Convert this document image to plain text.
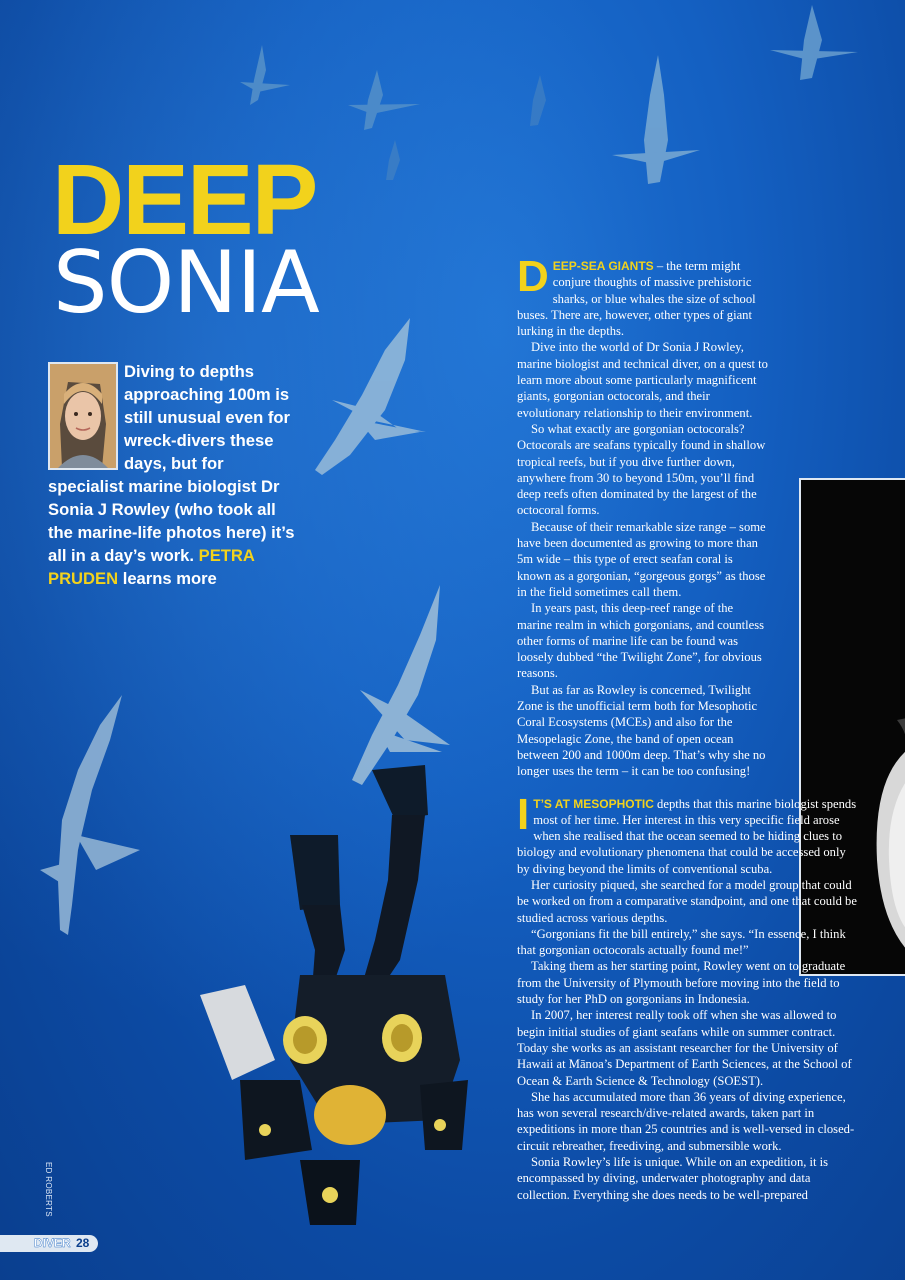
DEEP
SONIA

Diving to depths approaching 100m is still unusual even for wreck-divers these days, but for specialist marine biologist Dr Sonia J Rowley (who took all the marine-life photos here) it’s all in a day’s work. PETRA PRUDEN learns more

DEEP-SEA GIANTS – the term might conjure thoughts of massive prehistoric sharks, or blue whales the size of school buses. There are, however, other types of giant lurking in the depths.

Dive into the world of Dr Sonia J Rowley, marine biologist and technical diver, on a quest to learn more about some particularly magnificent giants, gorgonian octocorals, and their evolutionary relationship to their environment.

So what exactly are gorgonian octocorals? Octocorals are seafans typically found in shallow tropical reefs, but if you dive further down, anywhere from 30 to beyond 150m, you’ll find deep reefs often dominated by the largest of the octocoral forms.

Because of their remarkable size range – some have been documented as growing to more than 5m wide – this type of erect seafan coral is known as a gorgonian, “gorgeous gorgs” as those in the field sometimes call them.

In years past, this deep-reef range of the marine realm in which gorgonians, and countless other forms of marine life can be found was loosely dubbed “the Twilight Zone”, for obvious reasons.

But as far as Rowley is concerned, Twilight Zone is the unofficial term both for Mesophotic Coral Ecosystems (MCEs) and also for the Mesopelagic Zone, the band of open ocean between 200 and 1000m deep. That’s why she no longer uses the term – it can be too confusing!

I T’S AT MESOPHOTIC depths that this marine biologist spends most of her time. Her interest in this very specific field arose when she realised that the ocean seemed to be hiding clues to biology and evolutionary phenomena that could be accessed only by diving beyond the limits of conventional scuba.

Her curiosity piqued, she searched for a model group that could be worked on from a comparative standpoint, and one that could be studied across various depths.

“Gorgonians fit the bill entirely,” she says. “In essence, I think that gorgonian octocorals actually found me!”

Taking them as her starting point, Rowley went on to graduate from the University of Plymouth before moving into the field to study for her PhD on gorgonians in Indonesia.

In 2007, her interest really took off when she was allowed to begin initial studies of giant seafans while on summer contract. Today she works as an assistant researcher for the University of Hawaii at Mānoa’s Department of Earth Sciences, at the School of Ocean & Earth Science & Technology (SOEST).

She has accumulated more than 36 years of diving experience, has won several research/dive-related awards, taken part in expeditions in more than 25 countries and is well-versed in closed-circuit rebreather, freediving, and submersible work.

Sonia Rowley’s life is unique. While on an expedition, it is encompassed by diving, underwater photography and data collection. Everything she does needs to be well-prepared

ED ROBERTS
DIVER 28
